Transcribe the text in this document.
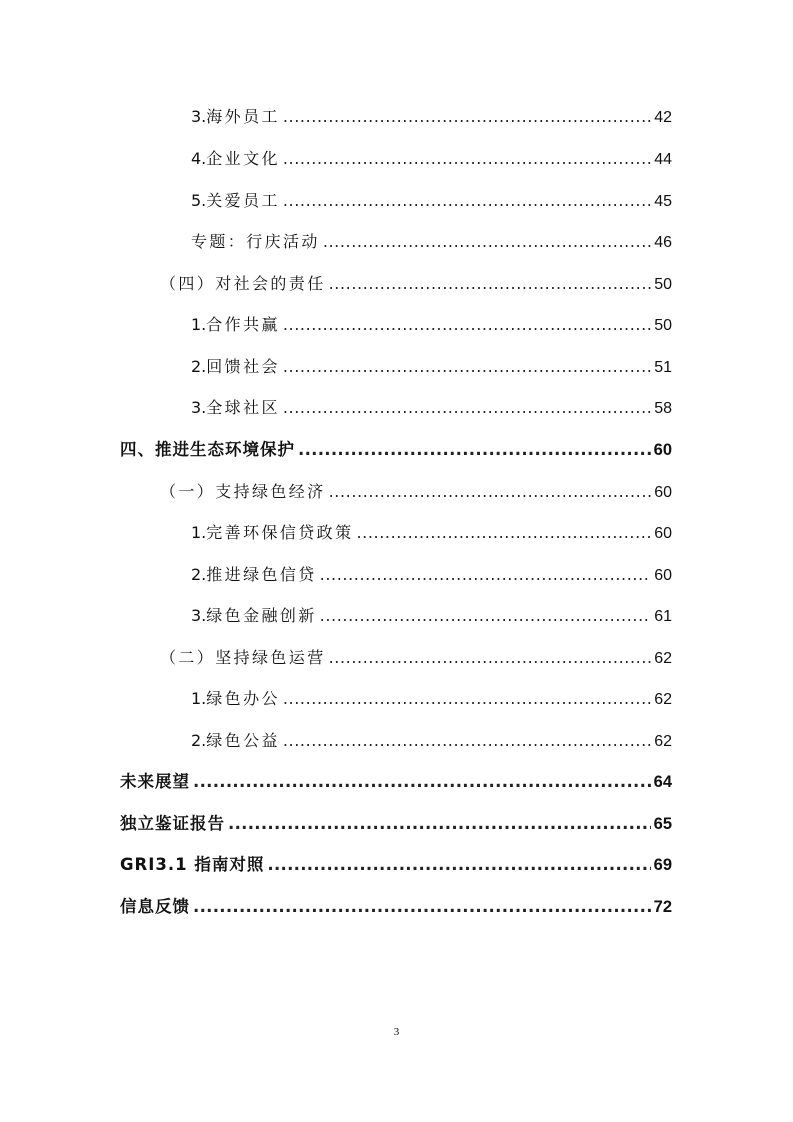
3. 海外员工 .....	42
4. 企业文化 .....	44
5. 关爱员工 .....	45
专题：行庆活动 .....	46
（四）对社会的责任 .....	50
1. 合作共赢 .....	50
2. 回馈社会 .....	51
3. 全球社区 .....	58
四、推进生态环境保护 .....	60
（一）支持绿色经济 .....	60
1. 完善环保信贷政策 .....	60
2. 推进绿色信贷 .....	60
3. 绿色金融创新 .....	61
（二）坚持绿色运营 .....	62
1. 绿色办公 .....	62
2. 绿色公益 .....	62
未来展望 .....	64
独立鉴证报告 .....	65
GRI3.1 指南对照 .....	69
信息反馈 .....	72
3
